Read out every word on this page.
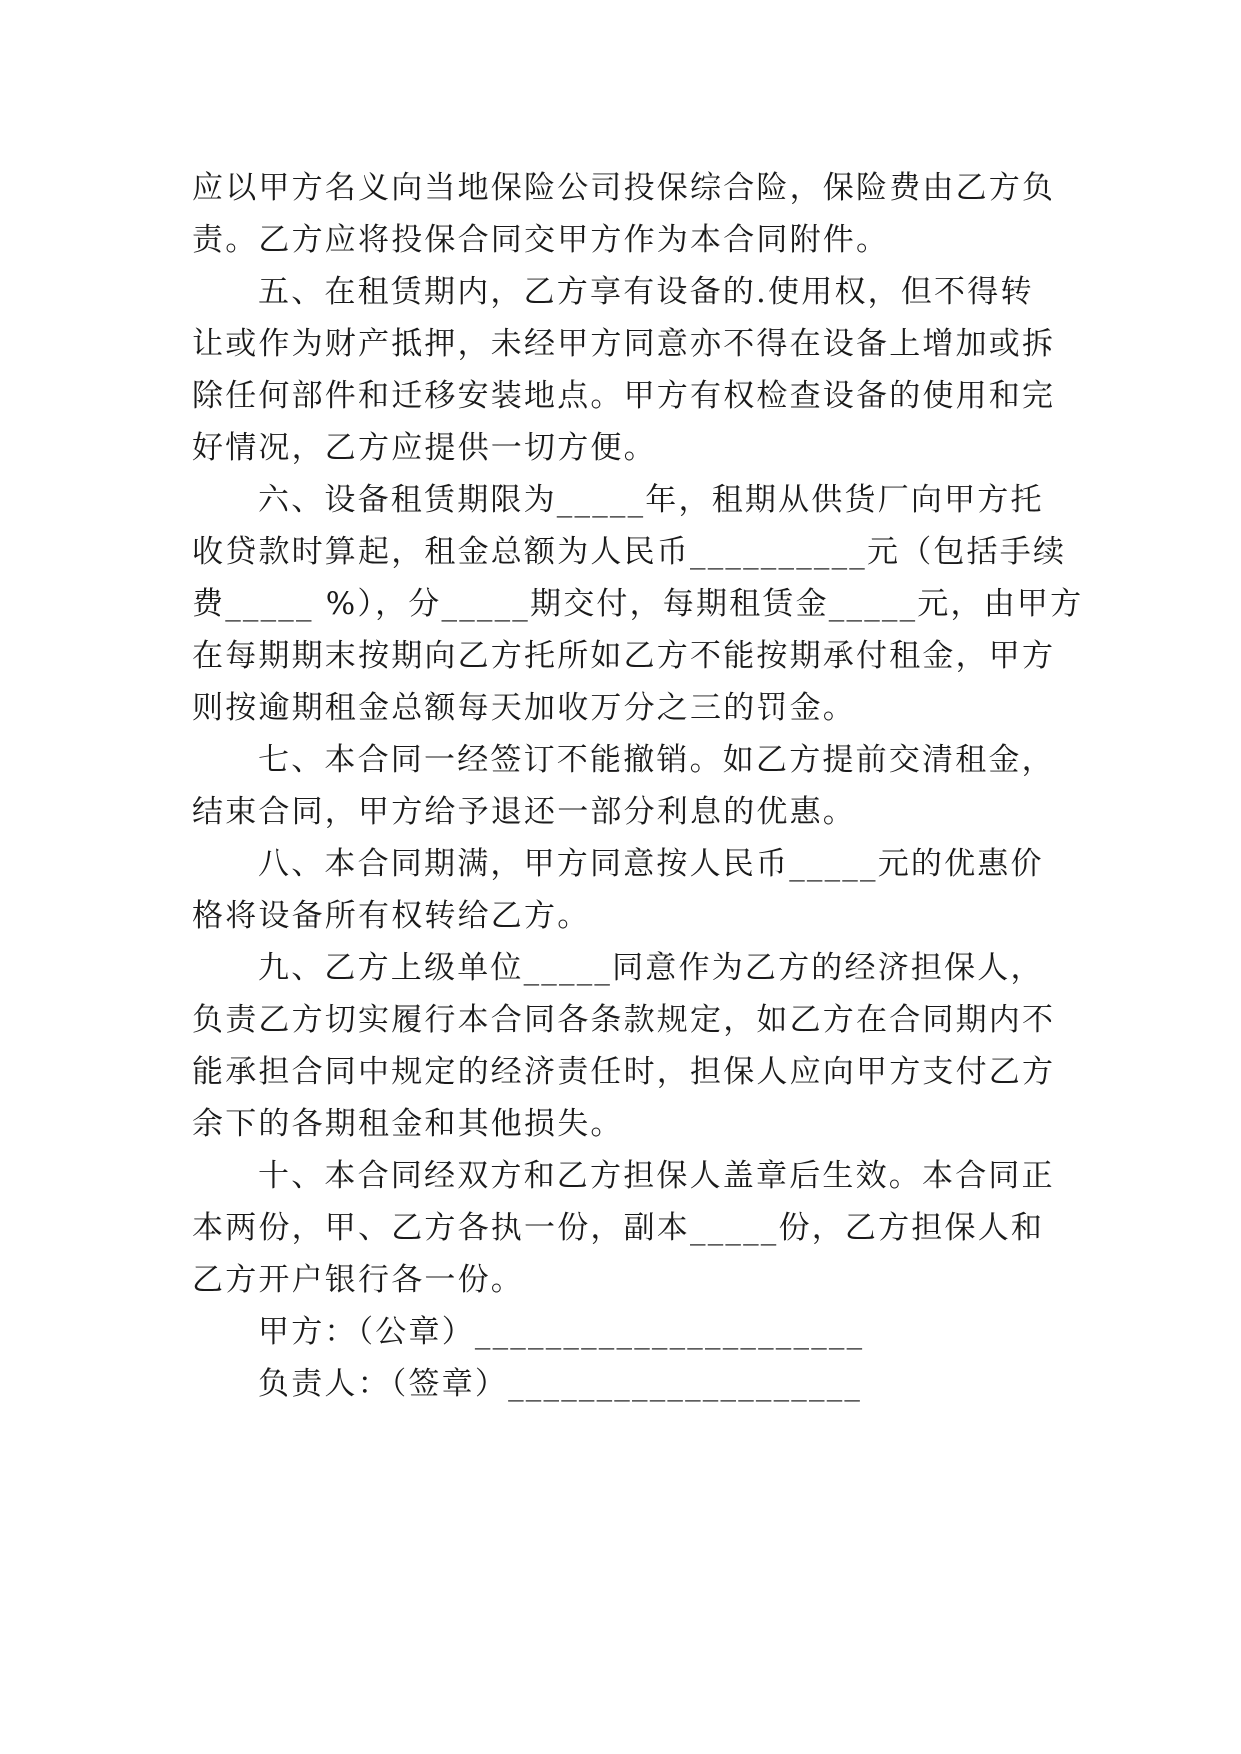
应以甲方名义向当地保险公司投保综合险，保险费由乙方负
责。乙方应将投保合同交甲方作为本合同附件。
五、在租赁期内，乙方享有设备的.使用权，但不得转
让或作为财产抵押，未经甲方同意亦不得在设备上增加或拆
除任何部件和迁移安装地点。甲方有权检查设备的使用和完
好情况，乙方应提供一切方便。
六、设备租赁期限为_____年，租期从供货厂向甲方托
收贷款时算起，租金总额为人民币__________元（包括手续
费_____ %），分_____期交付，每期租赁金_____元，由甲方
在每期期末按期向乙方托所如乙方不能按期承付租金，甲方
则按逾期租金总额每天加收万分之三的罚金。
七、本合同一经签订不能撤销。如乙方提前交清租金，
结束合同，甲方给予退还一部分利息的优惠。
八、本合同期满，甲方同意按人民币_____元的优惠价
格将设备所有权转给乙方。
九、乙方上级单位_____同意作为乙方的经济担保人，
负责乙方切实履行本合同各条款规定，如乙方在合同期内不
能承担合同中规定的经济责任时，担保人应向甲方支付乙方
余下的各期租金和其他损失。
十、本合同经双方和乙方担保人盖章后生效。本合同正
本两份，甲、乙方各执一份，副本_____份，乙方担保人和
乙方开户银行各一份。
甲方：（公章）______________________
负责人：（签章）____________________
